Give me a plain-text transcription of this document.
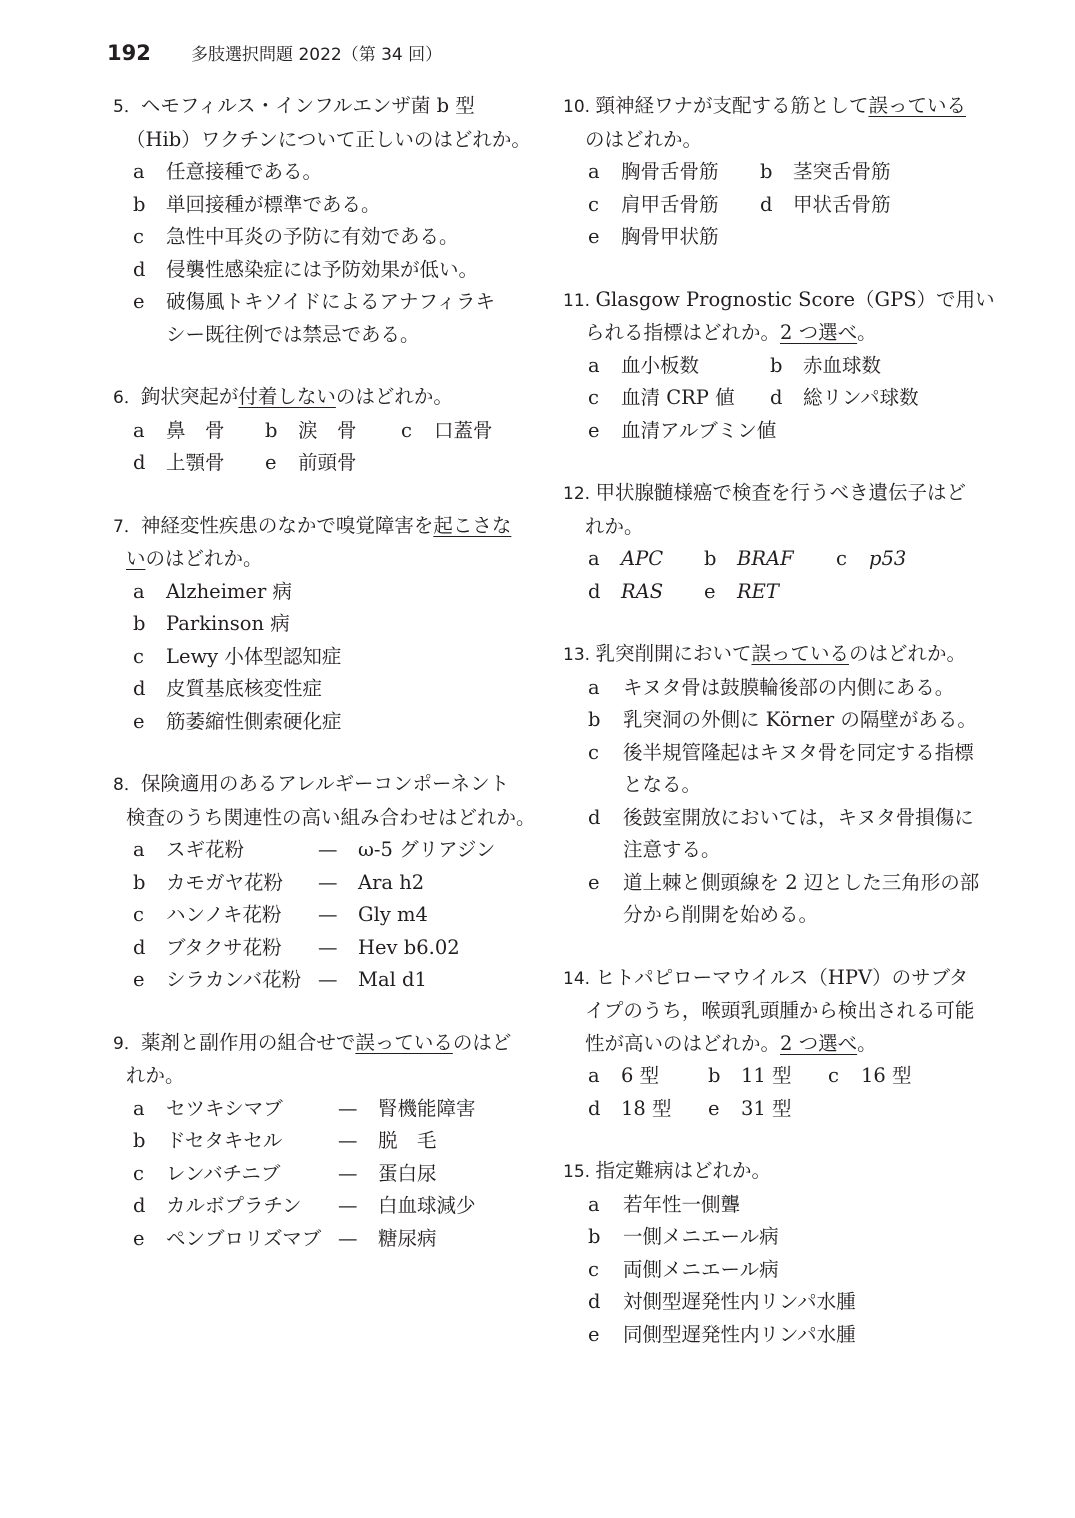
192 多肢選択問題 2022（第 34 回）
5．ヘモフィルス・インフルエンザ菌 b 型
（Hib）ワクチンについて正しいのはどれか。
a 任意接種である。
b 単回接種が標準である。
c 急性中耳炎の予防に有効である。
d 侵襲性感染症には予防効果が低い。
e 破傷風トキソイドによるアナフィラキ
シー既往例では禁忌である。
6．鉤状突起が付着しないのはどれか。
a 鼻　骨 b 涙　骨 c 口蓋骨
d 上顎骨 e 前頭骨
7．神経変性疾患のなかで嗅覚障害を起こさな
いのはどれか。
a Alzheimer 病
b Parkinson 病
c Lewy 小体型認知症
d 皮質基底核変性症
e 筋萎縮性側索硬化症
8．保険適用のあるアレルギーコンポーネント
検査のうち関連性の高い組み合わせはどれか。
a スギ花粉	— ω-5 グリアジン
b カモガヤ花粉 — Ara h2
c ハンノキ花粉 — Gly m4
d ブタクサ花粉 — Hev b6.02
e シラカンバ花粉 — Mal d1
9．薬剤と副作用の組合せで誤っているのはど
れか。
a セツキシマブ	— 腎機能障害
b ドセタキセル	— 脱　毛
c レンバチニブ	— 蛋白尿
d カルボプラチン — 白血球減少
e ペンブロリズマブ — 糖尿病
10. 頸神経ワナが支配する筋として誤っている
のはどれか。
a 胸骨舌骨筋 b 茎突舌骨筋
c 肩甲舌骨筋 d 甲状舌骨筋
e 胸骨甲状筋
11. Glasgow Prognostic Score（GPS）で用い
られる指標はどれか。2 つ選べ。
a 血小板数	b 赤血球数
c 血清 CRP 値 d 総リンパ球数
e 血清アルブミン値
12. 甲状腺髄様癌で検査を行うべき遺伝子はど
れか。
a APC b BRAF c p53
d RAS e RET
13. 乳突削開において誤っているのはどれか。
a キヌタ骨は鼓膜輪後部の内側にある。
b 乳突洞の外側に Körner の隔壁がある。
c 後半規管隆起はキヌタ骨を同定する指標
となる。
d 後鼓室開放においては，キヌタ骨損傷に
注意する。
e 道上棘と側頭線を 2 辺とした三角形の部
分から削開を始める。
14. ヒトパピローマウイルス（HPV）のサブタ
イプのうち，喉頭乳頭腫から検出される可能
性が高いのはどれか。2 つ選べ。
a 6 型	b 11 型 c 16 型
d 18 型 e 31 型
15. 指定難病はどれか。
a 若年性一側聾
b 一側メニエール病
c 両側メニエール病
d 対側型遅発性内リンパ水腫
e 同側型遅発性内リンパ水腫
